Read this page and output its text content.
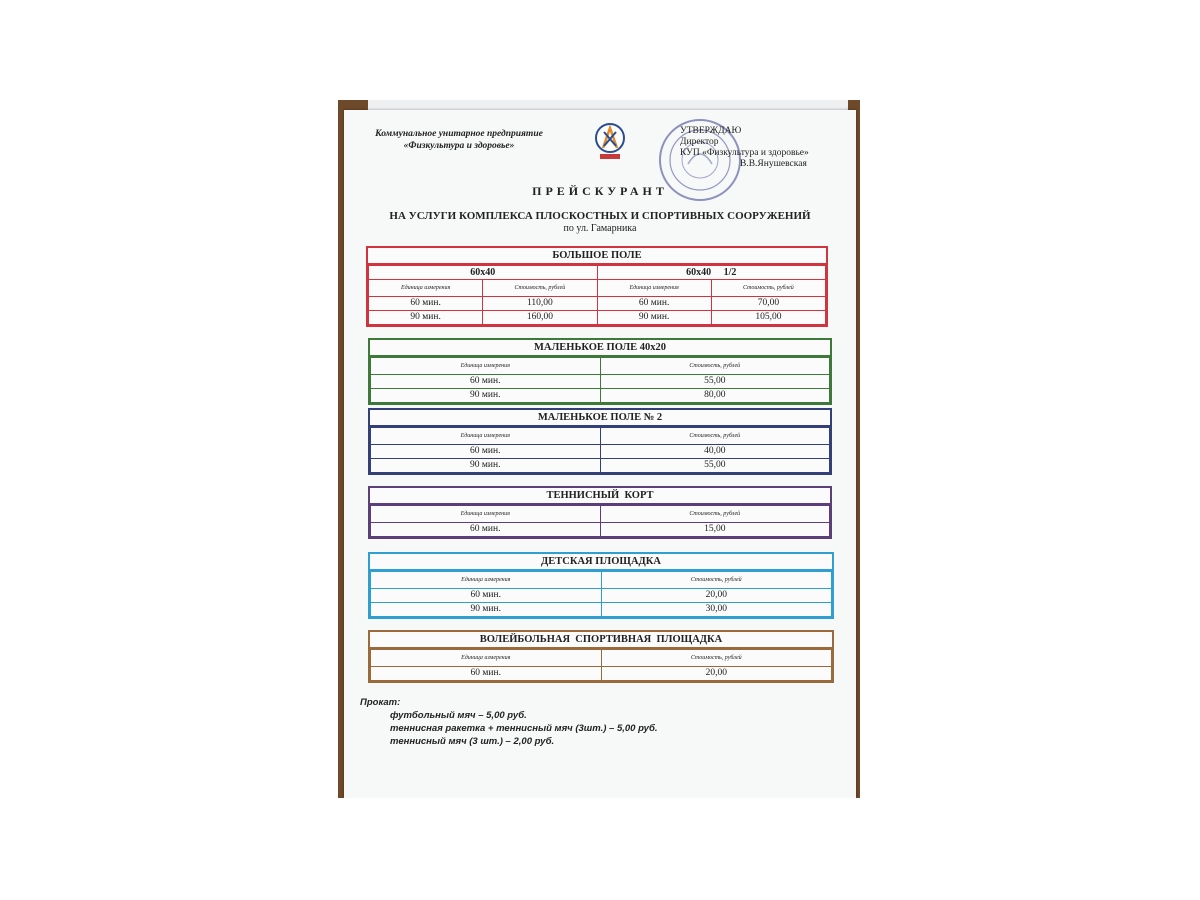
Коммунальное унитарное предприятие
«Физкультура и здоровье»
УТВЕРЖДАЮ
Директор
КУП «Физкультура и здоровье»
В.В.Янушевская
ПРЕЙСКУРАНТ
НА УСЛУГИ КОМПЛЕКСА ПЛОСКОСТНЫХ И СПОРТИВНЫХ СООРУЖЕНИЙ
по ул. Гамарника
БОЛЬШОЕ ПОЛЕ
60х40		60х40     1/2	
Единица измерения	Стоимость, рублей	Единица измерения	Стоимость, рублей
60 мин.	110,00	60 мин.	70,00
90 мин.	160,00	90 мин.	105,00
МАЛЕНЬКОЕ ПОЛЕ 40х20
Единица измерения	Стоимость, рублей
60 мин.	55,00
90 мин.	80,00
МАЛЕНЬКОЕ ПОЛЕ № 2
Единица измерения	Стоимость, рублей
60 мин.	40,00
90 мин.	55,00
ТЕННИСНЫЙ  КОРТ
Единица измерения	Стоимость, рублей
60 мин.	15,00
ДЕТСКАЯ ПЛОЩАДКА
Единица измерения	Стоимость, рублей
60 мин.	20,00
90 мин.	30,00
ВОЛЕЙБОЛЬНАЯ  СПОРТИВНАЯ  ПЛОЩАДКА
Единица измерения	Стоимость, рублей
60 мин.	20,00
Прокат:
футбольный мяч – 5,00 руб.
теннисная ракетка + теннисный мяч (3шт.) – 5,00 руб.
теннисный мяч (3 шт.) – 2,00 руб.
